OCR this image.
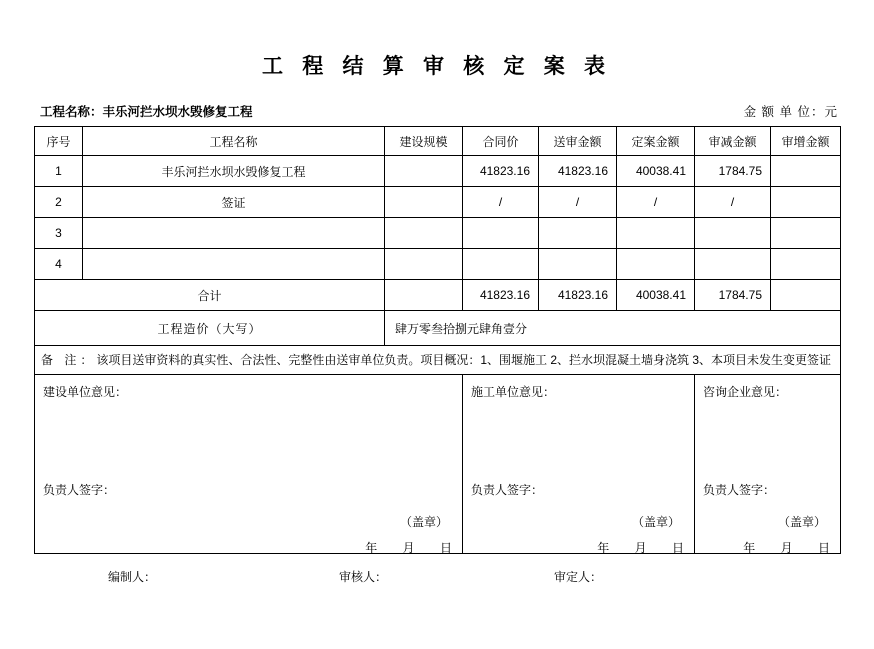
工 程 结 算 审 核 定 案 表
工程名称：丰乐河拦水坝水毁修复工程	金 额 单 位：元
序号	工程名称	建设规模	合同价	送审金额	定案金额	审减金额	审增金额
1	丰乐河拦水坝水毁修复工程		41823.16	41823.16	40038.41	1784.75	
2	签证		/	/	/	/	
3							
4							
合计			41823.16	41823.16	40038.41	1784.75	
工程造价（大写）		肆万零叁拾捌元肆角壹分					
备 注：该项目送审资料的真实性、合法性、完整性由送审单位负责。项目概况：1、围堰施工 2、拦水坝混凝土墙身浇筑 3、本项目未发生变更签证							

建设单位意见：
负责人签字：
（盖章）
年 月 日

施工单位意见：
负责人签字：
（盖章）
年 月 日

咨询企业意见：
负责人签字：
（盖章）
年 月 日
编制人：	审核人：	审定人：
